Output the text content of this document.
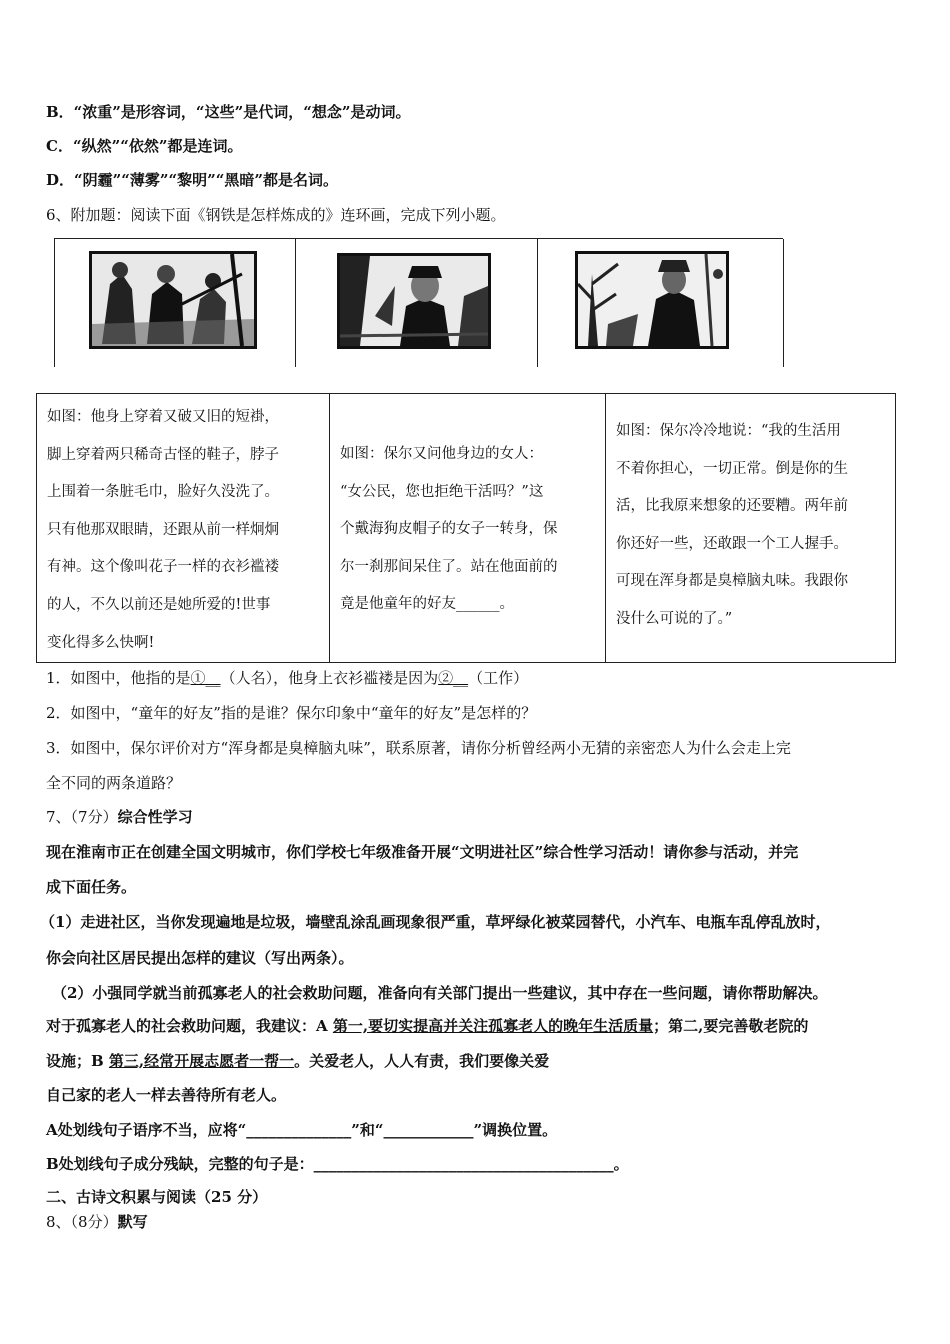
B．“浓重”是形容词，“这些”是代词，“想念”是动词。
C．“纵然”“依然”都是连词。
D．“阴霾”“薄雾”“黎明”“黑暗”都是名词。
6、附加题：阅读下面《钢铁是怎样炼成的》连环画，完成下列小题。

如图：他身上穿着又破又旧的短褂，

脚上穿着两只稀奇古怪的鞋子，脖子

上围着一条脏毛巾，脸好久没洗了。

只有他那双眼睛，还跟从前一样炯炯

有神。这个像叫花子一样的衣衫褴褛

的人，不久以前还是她所爱的!世事

变化得多么快啊!

如图：保尔又问他身边的女人：

“女公民，您也拒绝干活吗？”这

个戴海狗皮帽子的女子一转身，保

尔一刹那间呆住了。站在他面前的

竟是他童年的好友______。

如图：保尔冷冷地说：“我的生活用

不着你担心，一切正常。倒是你的生

活，比我原来想象的还要糟。两年前

你还好一些，还敢跟一个工人握手。

可现在浑身都是臭樟脑丸味。我跟你

没什么可说的了。”

1．如图中，他指的是①__（人名），他身上衣衫褴褛是因为②__（工作）
2．如图中，“童年的好友”指的是谁？保尔印象中“童年的好友”是怎样的？
3．如图中，保尔评价对方“浑身都是臭樟脑丸味”，联系原著，请你分析曾经两小无猜的亲密恋人为什么会走上完
全不同的两条道路？
7、（7分）综合性学习
现在淮南市正在创建全国文明城市，你们学校七年级准备开展“文明进社区”综合性学习活动！请你参与活动，并完
成下面任务。
（1）走进社区，当你发现遍地是垃圾，墙壁乱涂乱画现象很严重，草坪绿化被菜园替代，小汽车、电瓶车乱停乱放时，
你会向社区居民提出怎样的建议（写出两条）。
（2）小强同学就当前孤寡老人的社会救助问题，准备向有关部门提出一些建议，其中存在一些问题，请你帮助解决。
对于孤寡老人的社会救助问题，我建议：A 第一,要切实提高并关注孤寡老人的晚年生活质量；第二,要完善敬老院的
设施；B 第三,经常开展志愿者一帮一。关爱老人，人人有责，我们要像关爱
自己家的老人一样去善待所有老人。
A处划线句子语序不当，应将“______________”和“____________”调换位置。
B处划线句子成分残缺，完整的句子是：________________________________________。
二、古诗文积累与阅读（25 分）
8、（8分）默写
